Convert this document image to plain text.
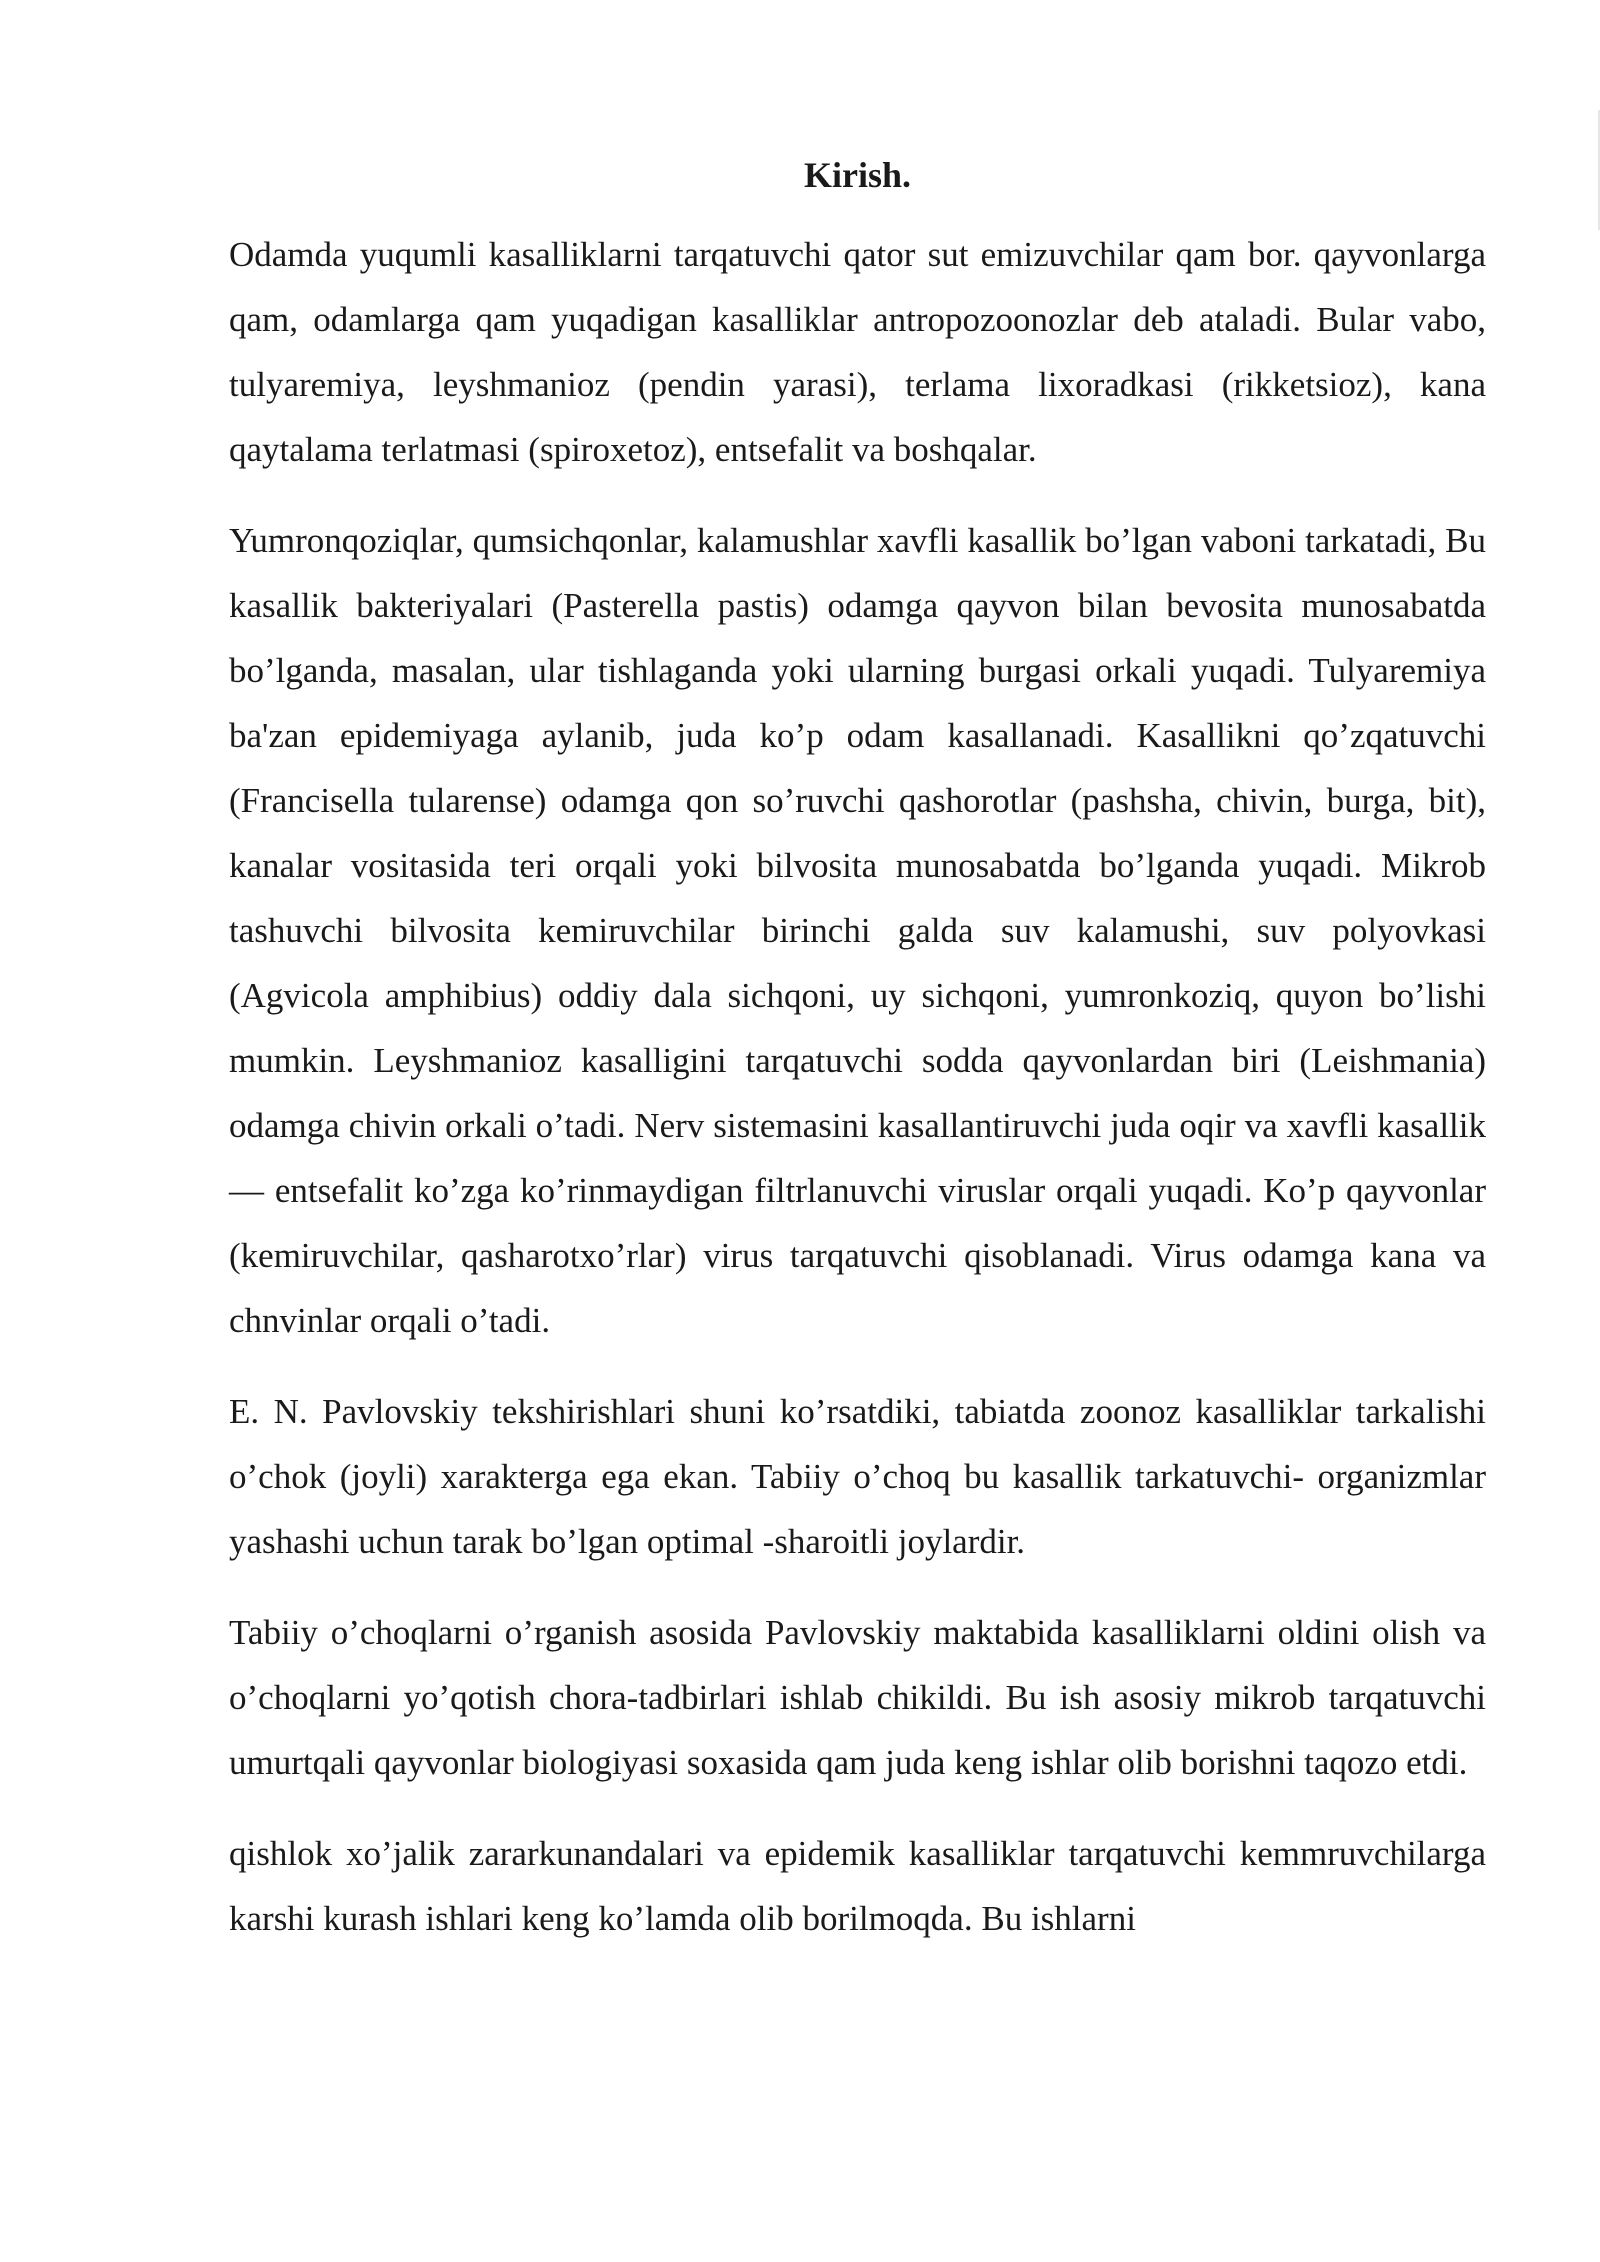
Kirish.

Odamda yuqumli kasalliklarni tarqatuvchi qator sut emizuvchilar qam bor. qayvonlarga qam, odamlarga qam yuqadigan kasalliklar antropozoonozlar deb ataladi. Bular vabo, tulyaremiya, leyshmanioz (pendin yarasi), terlama lixoradkasi (rikketsioz), kana qaytalama terlatmasi (spiroxetoz), entsefalit va boshqalar.

Yumronqoziqlar, qumsichqonlar, kalamushlar xavfli kasallik bo’lgan vaboni tarkatadi, Bu kasallik bakteriyalari (Pasterella pastis) odamga qayvon bilan bevosita munosabatda bo’lganda, masalan, ular tishlaganda yoki ularning burgasi orkali yuqadi. Tulyaremiya ba'zan epidemiyaga aylanib, juda ko’p odam kasallanadi. Kasallikni qo’zqatuvchi (Francisella tularense) odamga qon so’ruvchi qashorotlar (pashsha, chivin, burga, bit), kanalar vositasida teri orqali yoki bilvosita munosabatda bo’lganda yuqadi. Mikrob tashuvchi bilvosita kemiruvchilar birinchi galda suv kalamushi, suv polyovkasi (Agvicola amphibius) oddiy dala sichqoni, uy sichqoni, yumronkoziq, quyon bo’lishi mumkin. Leyshmanioz kasalligini tarqatuvchi sodda qayvonlardan biri (Leishmania) odamga chivin orkali o’tadi. Nerv sistemasini kasallantiruvchi juda oqir va xavfli kasallik — entsefalit ko’zga ko’rinmaydigan filtrlanuvchi viruslar orqali yuqadi. Ko’p qayvonlar (kemiruvchilar, qasharotxo’rlar) virus tarqatuvchi qisoblanadi. Virus odamga kana va chnvinlar orqali o’tadi.

E. N. Pavlovskiy tekshirishlari shuni ko’rsatdiki, tabiatda zoonoz kasalliklar tarkalishi o’chok (joyli) xarakterga ega ekan. Tabiiy o’choq bu kasallik tarkatuvchi- organizmlar yashashi uchun tarak bo’lgan optimal -sharoitli joylardir.

Tabiiy o’choqlarni o’rganish asosida Pavlovskiy maktabida kasalliklarni oldini olish va o’choqlarni yo’qotish chora-tadbirlari ishlab chikildi. Bu ish asosiy mikrob tarqatuvchi umurtqali qayvonlar biologiyasi soxasida qam juda keng ishlar olib borishni taqozo etdi.

qishlok xo’jalik zararkunandalari va epidemik kasalliklar tarqatuvchi kemmruvchilarga karshi kurash ishlari keng ko’lamda olib borilmoqda. Bu ishlarni
